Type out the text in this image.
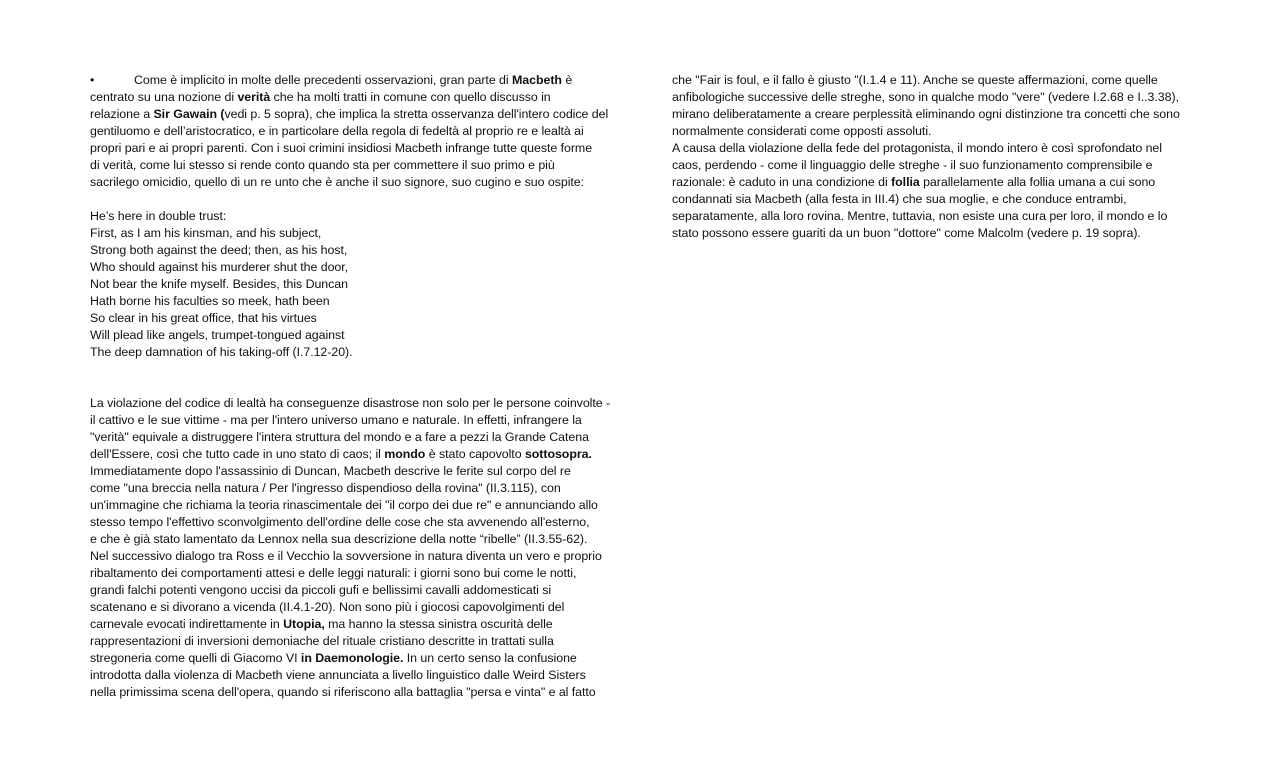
•	Come è implicito in molte delle precedenti osservazioni, gran parte di Macbeth è
centrato su una nozione di verità che ha molti tratti in comune con quello discusso in
relazione a Sir Gawain (vedi p. 5 sopra), che implica la stretta osservanza dell'intero codice del
gentiluomo e dell’aristocratico, e in particolare della regola di fedeltà al proprio re e lealtà ai
propri pari e ai propri parenti. Con i suoi crimini insidiosi Macbeth infrange tutte queste forme
di verità, come lui stesso si rende conto quando sta per commettere il suo primo e più
sacrilego omicidio, quello di un re unto che è anche il suo signore, suo cugino e suo ospite:
He’s here in double trust:
First, as I am his kinsman, and his subject,
Strong both against the deed; then, as his host,
Who should against his murderer shut the door,
Not bear the knife myself. Besides, this Duncan
Hath borne his faculties so meek, hath been
So clear in his great office, that his virtues
Will plead like angels, trumpet-tongued against
The deep damnation of his taking-off (I.7.12-20).
La violazione del codice di lealtà ha conseguenze disastrose non solo per le persone coinvolte -
il cattivo e le sue vittime - ma per l'intero universo umano e naturale. In effetti, infrangere la
"verità" equivale a distruggere l'intera struttura del mondo e a fare a pezzi la Grande Catena
dell'Essere, così che tutto cade in uno stato di caos; il mondo è stato capovolto sottosopra.
Immediatamente dopo l'assassinio di Duncan, Macbeth descrive le ferite sul corpo del re
come "una breccia nella natura / Per l'ingresso dispendioso della rovina" (II.3.115), con
un'immagine che richiama la teoria rinascimentale dei "il corpo dei due re" e annunciando allo
stesso tempo l'effettivo sconvolgimento dell'ordine delle cose che sta avvenendo all'esterno,
e che è già stato lamentato da Lennox nella sua descrizione della notte “ribelle” (II.3.55-62).
Nel successivo dialogo tra Ross e il Vecchio la sovversione in natura diventa un vero e proprio
ribaltamento dei comportamenti attesi e delle leggi naturali: i giorni sono bui come le notti,
grandi falchi potenti vengono uccisi da piccoli gufi e bellissimi cavalli addomesticati si
scatenano e si divorano a vicenda (II.4.1-20). Non sono più i giocosi capovolgimenti del
carnevale evocati indirettamente in Utopia, ma hanno la stessa sinistra oscurità delle
rappresentazioni di inversioni demoniache del rituale cristiano descritte in trattati sulla
stregoneria come quelli di Giacomo VI in Daemonologie. In un certo senso la confusione
introdotta dalla violenza di Macbeth viene annunciata a livello linguistico dalle Weird Sisters
nella primissima scena dell'opera, quando si riferiscono alla battaglia "persa e vinta" e al fatto
che "Fair is foul, e il fallo è giusto "(I.1.4 e 11). Anche se queste affermazioni, come quelle
anfibologiche successive delle streghe, sono in qualche modo "vere" (vedere I.2.68 e I..3.38),
mirano deliberatamente a creare perplessità eliminando ogni distinzione tra concetti che sono
normalmente considerati come opposti assoluti.
A causa della violazione della fede del protagonista, il mondo intero è così sprofondato nel
caos, perdendo - come il linguaggio delle streghe - il suo funzionamento comprensibile e
razionale: è caduto in una condizione di follia parallelamente alla follia umana a cui sono
condannati sia Macbeth (alla festa in III.4) che sua moglie, e che conduce entrambi,
separatamente, alla loro rovina. Mentre, tuttavia, non esiste una cura per loro, il mondo e lo
stato possono essere guariti da un buon "dottore" come Malcolm (vedere p. 19 sopra).
